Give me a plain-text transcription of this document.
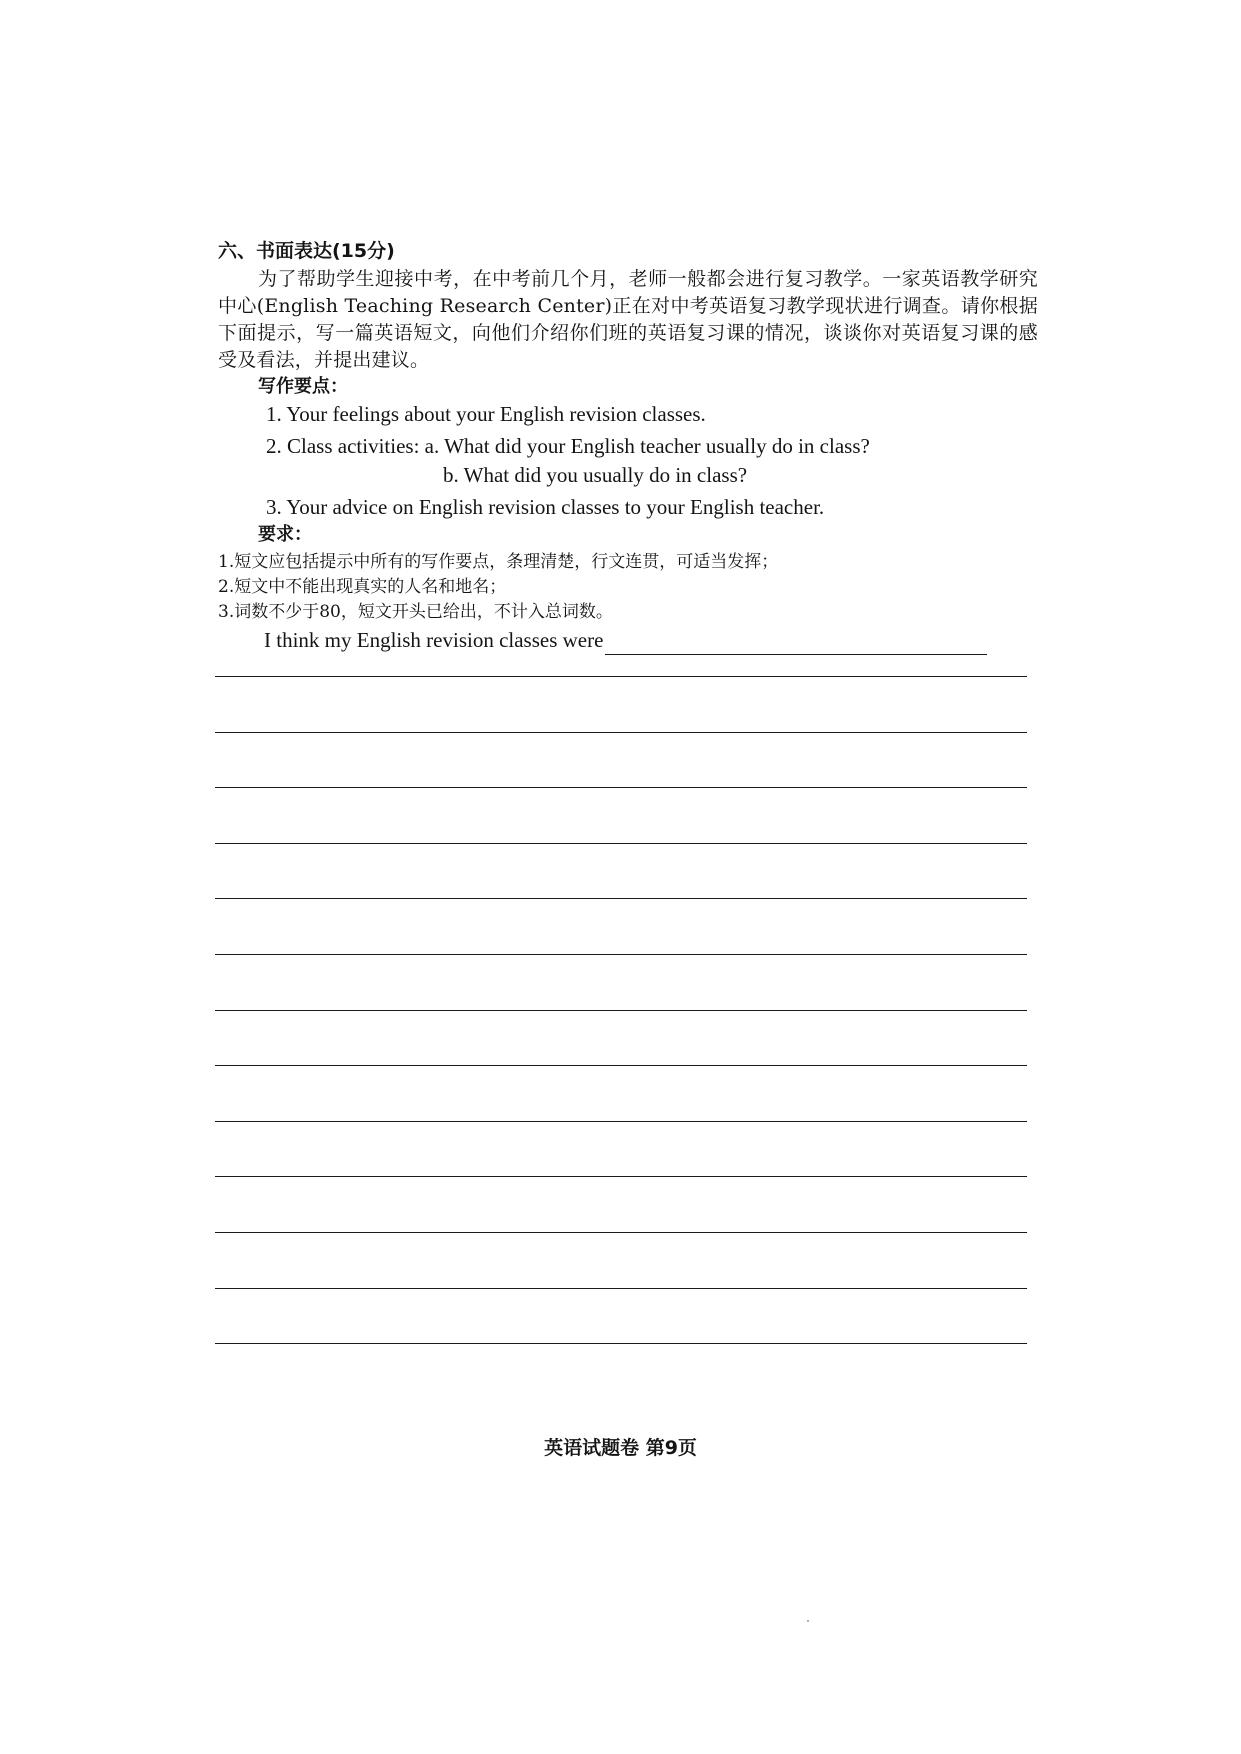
六、书面表达(15分)

为了帮助学生迎接中考，在中考前几个月，老师一般都会进行复习教学。一家英语教学研究中心(English Teaching Research Center)正在对中考英语复习教学现状进行调查。请你根据下面提示，写一篇英语短文，向他们介绍你们班的英语复习课的情况，谈谈你对英语复习课的感受及看法，并提出建议。

写作要点：

1. Your feelings about your English revision classes.
2. Class activities: a. What did your English teacher usually do in class?
b. What did you usually do in class?
3. Your advice on English revision classes to your English teacher.

要求：

1.短文应包括提示中所有的写作要点，条理清楚，行文连贯，可适当发挥；

2.短文中不能出现真实的人名和地名；

3.词数不少于80，短文开头已给出，不计入总词数。

I think my English revision classes were
英语试题卷 第9页
